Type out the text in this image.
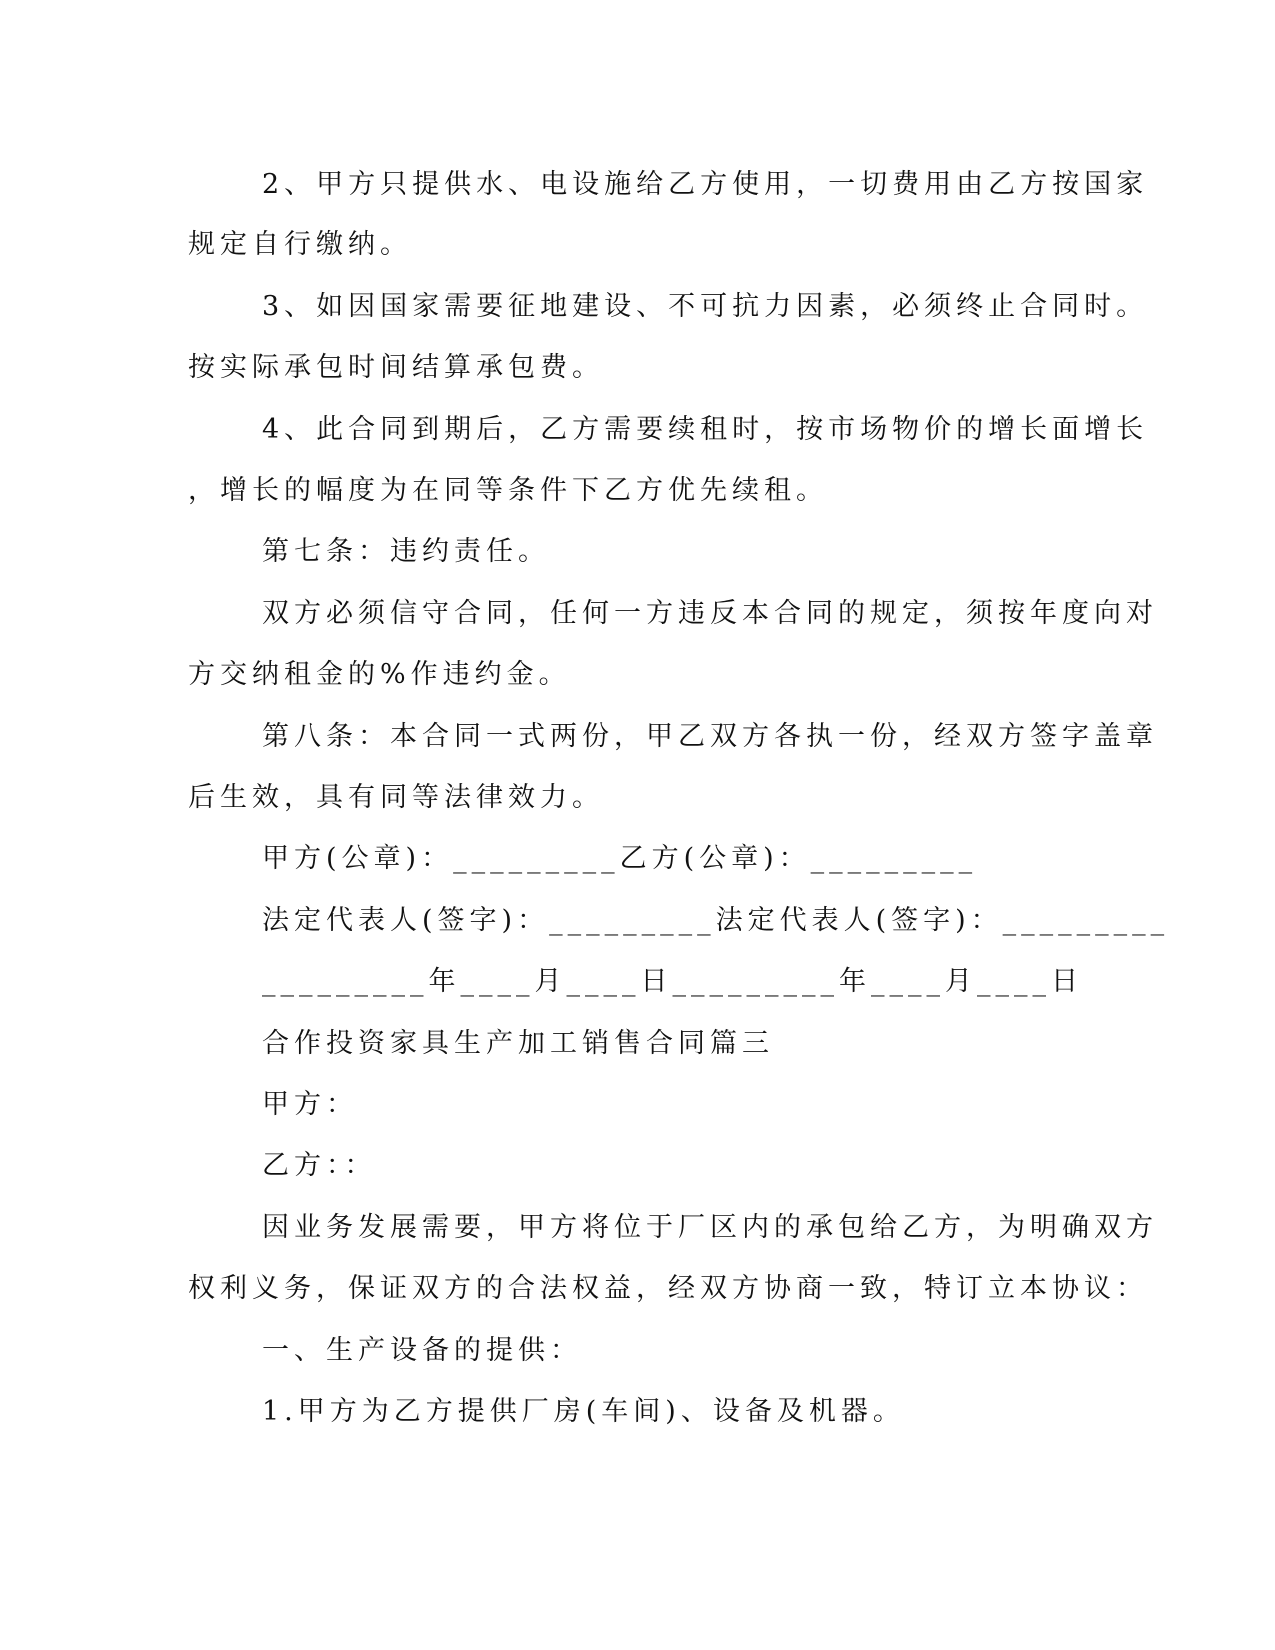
2、甲方只提供水、电设施给乙方使用，一切费用由乙方按国家
规定自行缴纳。
3、如因国家需要征地建设、不可抗力因素，必须终止合同时。
按实际承包时间结算承包费。
4、此合同到期后，乙方需要续租时，按市场物价的增长面增长
，增长的幅度为在同等条件下乙方优先续租。
第七条：违约责任。
双方必须信守合同，任何一方违反本合同的规定，须按年度向对
方交纳租金的%作违约金。
第八条：本合同一式两份，甲乙双方各执一份，经双方签字盖章
后生效，具有同等法律效力。
甲方(公章)：_________乙方(公章)：_________
法定代表人(签字)：_________法定代表人(签字)：_________
_________年____月____日_________年____月____日
合作投资家具生产加工销售合同篇三
甲方：
乙方：：
因业务发展需要，甲方将位于厂区内的承包给乙方，为明确双方
权利义务，保证双方的合法权益，经双方协商一致，特订立本协议：
一、生产设备的提供：
1.甲方为乙方提供厂房(车间)、设备及机器。
